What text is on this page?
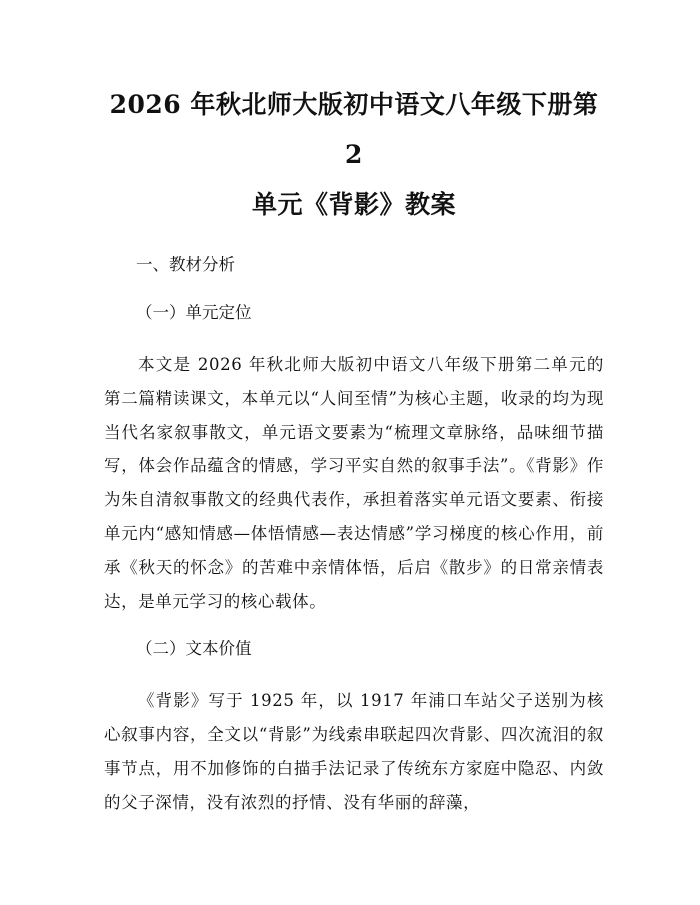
2026 年秋北师大版初中语文八年级下册第 2
单元《背影》教案
一、教材分析
（一）单元定位

本文是 2026 年秋北师大版初中语文八年级下册第二单元的第二篇精读课文，本单元以“人间至情”为核心主题，收录的均为现当代名家叙事散文，单元语文要素为“梳理文章脉络，品味细节描写，体会作品蕴含的情感，学习平实自然的叙事手法”。《背影》作为朱自清叙事散文的经典代表作，承担着落实单元语文要素、衔接单元内“感知情感—体悟情感—表达情感”学习梯度的核心作用，前承《秋天的怀念》的苦难中亲情体悟，后启《散步》的日常亲情表达，是单元学习的核心载体。

（二）文本价值

《背影》写于 1925 年，以 1917 年浦口车站父子送别为核心叙事内容，全文以“背影”为线索串联起四次背影、四次流泪的叙事节点，用不加修饰的白描手法记录了传统东方家庭中隐忍、内敛的父子深情，没有浓烈的抒情、没有华丽的辞藻，
